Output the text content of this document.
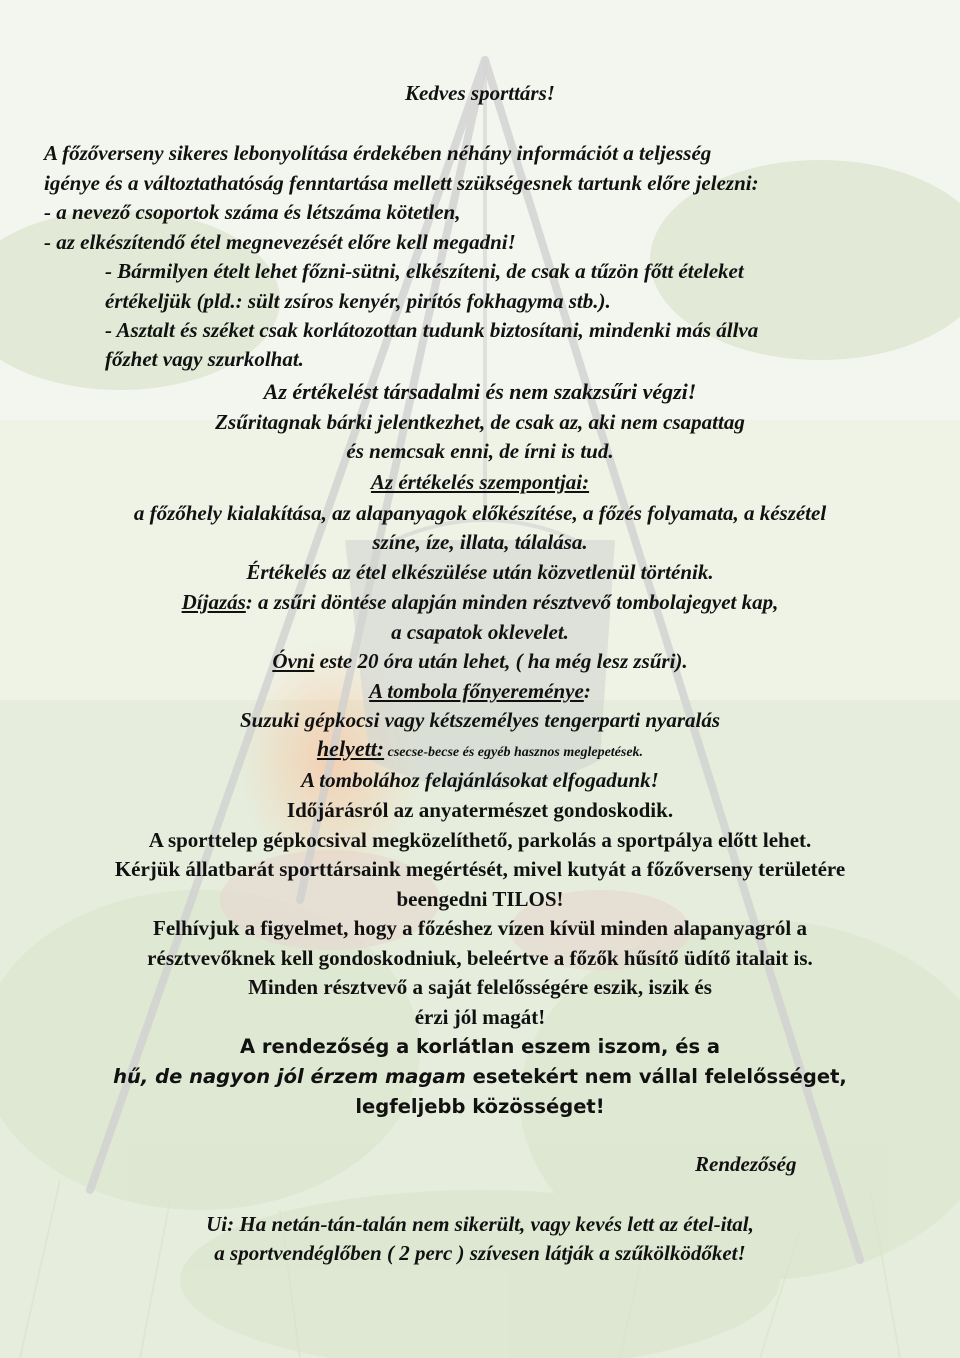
Kedves sporttárs!
A főzőverseny sikeres lebonyolítása érdekében néhány információt a teljesség
igénye és a változtathatóság fenntartása mellett szükségesnek tartunk előre jelezni:
- a nevező csoportok száma és létszáma kötetlen,
- az elkészítendő étel megnevezését előre kell megadni!
- Bármilyen ételt lehet főzni-sütni, elkészíteni, de csak a tűzön főtt ételeket
értékeljük (pld.: sült zsíros kenyér, pirítós fokhagyma stb.).
- Asztalt és széket csak korlátozottan tudunk biztosítani, mindenki más állva
főzhet vagy szurkolhat.
Az értékelést társadalmi és nem szakzsűri végzi!
Zsűritagnak bárki jelentkezhet, de csak az, aki nem csapattag
és nemcsak enni, de írni is tud.
Az értékelés szempontjai:
a főzőhely kialakítása, az alapanyagok előkészítése, a főzés folyamata, a készétel
színe, íze, illata, tálalása.
Értékelés az étel elkészülése után közvetlenül történik.
Díjazás: a zsűri döntése alapján minden résztvevő tombolajegyet kap,
a csapatok oklevelet.
Óvni este 20 óra után lehet, ( ha még lesz zsűri).
A tombola főnyereménye:
Suzuki gépkocsi vagy kétszemélyes tengerparti nyaralás
helyett: csecse-becse és egyéb hasznos meglepetések.
A tombolához felajánlásokat elfogadunk!
Időjárásról az anyatermészet gondoskodik.
A sporttelep gépkocsival megközelíthető, parkolás a sportpálya előtt lehet.
Kérjük állatbarát sporttársaink megértését, mivel kutyát a főzőverseny területére
beengedni TILOS!
Felhívjuk a figyelmet, hogy a főzéshez vízen kívül minden alapanyagról a
résztvevőknek kell gondoskodniuk, beleértve a főzők hűsítő üdítő italait is.
Minden résztvevő a saját felelősségére eszik, iszik és
érzi jól magát!
A rendezőség a korlátlan eszem iszom, és a
hű, de nagyon jól érzem magam esetekért nem vállal felelősséget,
legfeljebb közösséget!
Rendezőség
Ui: Ha netán-tán-talán nem sikerült, vagy kevés lett az étel-ital,
a sportvendéglőben ( 2 perc ) szívesen látják a szűkölködőket!
